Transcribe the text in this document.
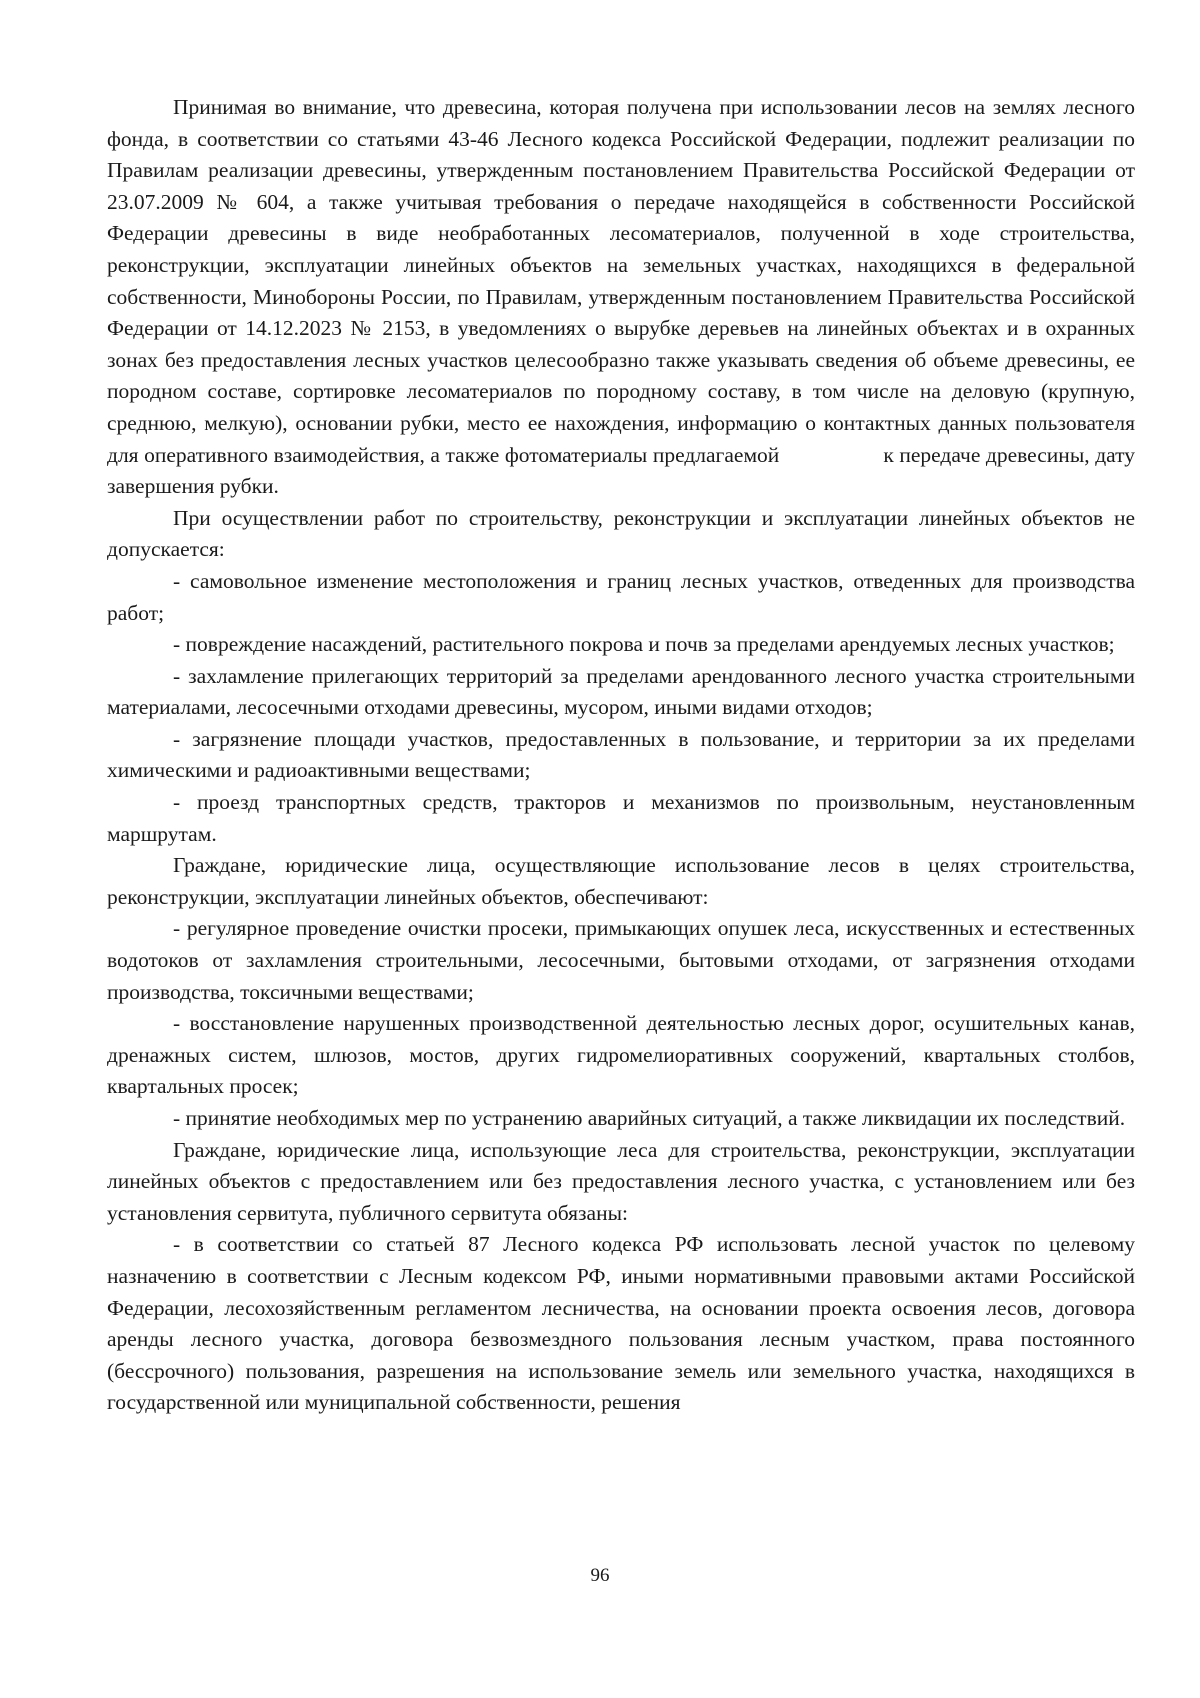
Принимая во внимание, что древесина, которая получена при использовании лесов на землях лесного фонда, в соответствии со статьями 43-46 Лесного кодекса Российской Федерации, подлежит реализации по Правилам реализации древесины, утвержденным постановлением Правительства Российской Федерации от 23.07.2009 № 604, а также учитывая требования о передаче находящейся в собственности Российской Федерации древесины в виде необработанных лесоматериалов, полученной в ходе строительства, реконструкции, эксплуатации линейных объектов на земельных участках, находящихся в федеральной собственности, Минобороны России, по Правилам, утвержденным постановлением Правительства Российской Федерации от 14.12.2023 № 2153, в уведомлениях о вырубке деревьев на линейных объектах и в охранных зонах без предоставления лесных участков целесообразно также указывать сведения об объеме древесины, ее породном составе, сортировке лесоматериалов по породному составу, в том числе на деловую (крупную, среднюю, мелкую), основании рубки, место ее нахождения, информацию о контактных данных пользователя для оперативного взаимодействия, а также фотоматериалы предлагаемой	к передаче древесины, дату завершения рубки.

При осуществлении работ по строительству, реконструкции и эксплуатации линейных объектов не допускается:

- самовольное изменение местоположения и границ лесных участков, отведенных для производства работ;

- повреждение насаждений, растительного покрова и почв за пределами арендуемых лесных участков;

- захламление прилегающих территорий за пределами арендованного лесного участка строительными материалами, лесосечными отходами древесины, мусором, иными видами отходов;

- загрязнение площади участков, предоставленных в пользование, и территории за их пределами химическими и радиоактивными веществами;

- проезд транспортных средств, тракторов и механизмов по произвольным, неустановленным маршрутам.

Граждане, юридические лица, осуществляющие использование лесов в целях строительства, реконструкции, эксплуатации линейных объектов, обеспечивают:

- регулярное проведение очистки просеки, примыкающих опушек леса, искусственных и естественных водотоков от захламления строительными, лесосечными, бытовыми отходами, от загрязнения отходами производства, токсичными веществами;

- восстановление нарушенных производственной деятельностью лесных дорог, осушительных канав, дренажных систем, шлюзов, мостов, других гидромелиоративных сооружений, квартальных столбов, квартальных просек;

- принятие необходимых мер по устранению аварийных ситуаций, а также ликвидации их последствий.

Граждане, юридические лица, использующие леса для строительства, реконструкции, эксплуатации линейных объектов с предоставлением или без предоставления лесного участка, с установлением или без установления сервитута, публичного сервитута обязаны:

- в соответствии со статьей 87 Лесного кодекса РФ использовать лесной участок по целевому назначению в соответствии с Лесным кодексом РФ, иными нормативными правовыми актами Российской Федерации, лесохозяйственным регламентом лесничества, на основании проекта освоения лесов, договора аренды лесного участка, договора безвозмездного пользования лесным участком, права постоянного (бессрочного) пользования, разрешения на использование земель или земельного участка, находящихся в государственной или муниципальной собственности, решения

96
